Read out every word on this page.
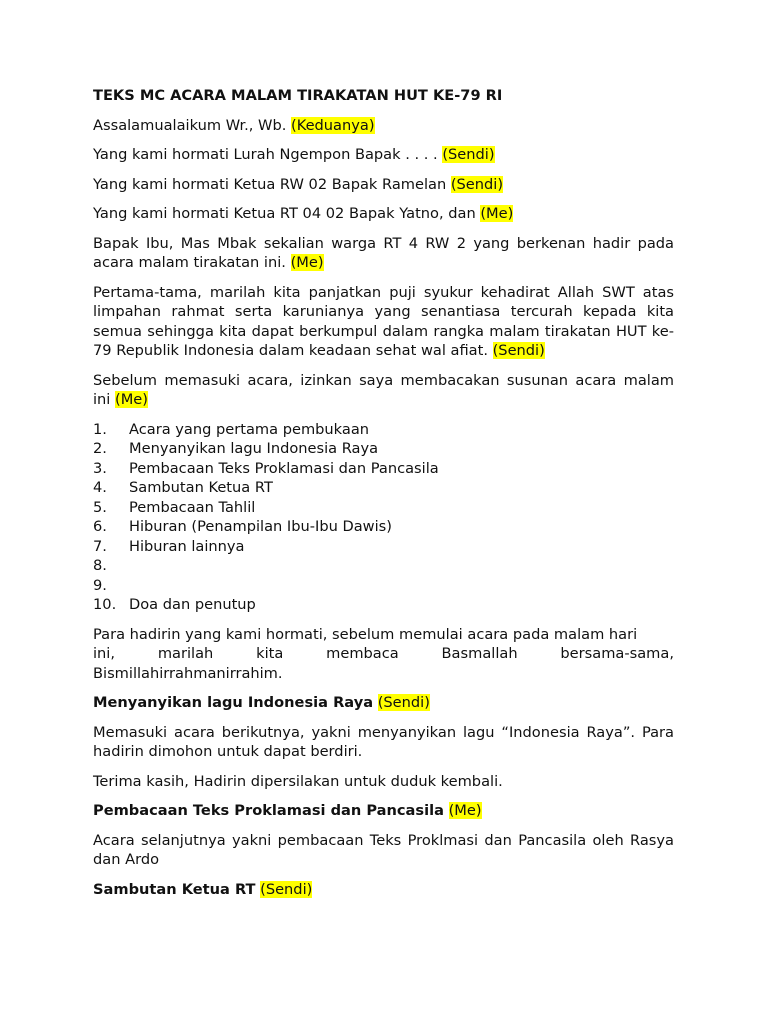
TEKS MC ACARA MALAM TIRAKATAN HUT KE-79 RI

Assalamualaikum Wr., Wb. (Keduanya)

Yang kami hormati Lurah Ngempon Bapak . . . . (Sendi)

Yang kami hormati Ketua RW 02 Bapak Ramelan (Sendi)

Yang kami hormati Ketua RT 04 02 Bapak Yatno, dan (Me)

Bapak Ibu, Mas Mbak sekalian warga RT 4 RW 2 yang berkenan hadir pada acara malam tirakatan ini. (Me)

Pertama-tama, marilah kita panjatkan puji syukur kehadirat Allah SWT atas limpahan rahmat serta karunianya yang senantiasa tercurah kepada kita semua sehingga kita dapat berkumpul dalam rangka malam tirakatan HUT ke-79 Republik Indonesia dalam keadaan sehat wal afiat. (Sendi)

Sebelum memasuki acara, izinkan saya membacakan susunan acara malam ini (Me)

1.	Acara yang pertama pembukaan
2.	Menyanyikan lagu Indonesia Raya
3.	Pembacaan Teks Proklamasi dan Pancasila
4.	Sambutan Ketua RT
5.	Pembacaan Tahlil
6.	Hiburan (Penampilan Ibu-Ibu Dawis)
7.	Hiburan lainnya
8.
9.
10. Doa dan penutup

Para hadirin yang kami hormati, sebelum memulai acara pada malam hari
ini,	marilah	kita	membaca	Basmallah	bersama-sama,
Bismillahirrahmanirrahim.

Menyanyikan lagu Indonesia Raya (Sendi)

Memasuki acara berikutnya, yakni menyanyikan lagu “Indonesia Raya”. Para hadirin dimohon untuk dapat berdiri.

Terima kasih, Hadirin dipersilakan untuk duduk kembali.

Pembacaan Teks Proklamasi dan Pancasila (Me)

Acara selanjutnya yakni pembacaan Teks Proklmasi dan Pancasila oleh Rasya dan Ardo

Sambutan Ketua RT (Sendi)
